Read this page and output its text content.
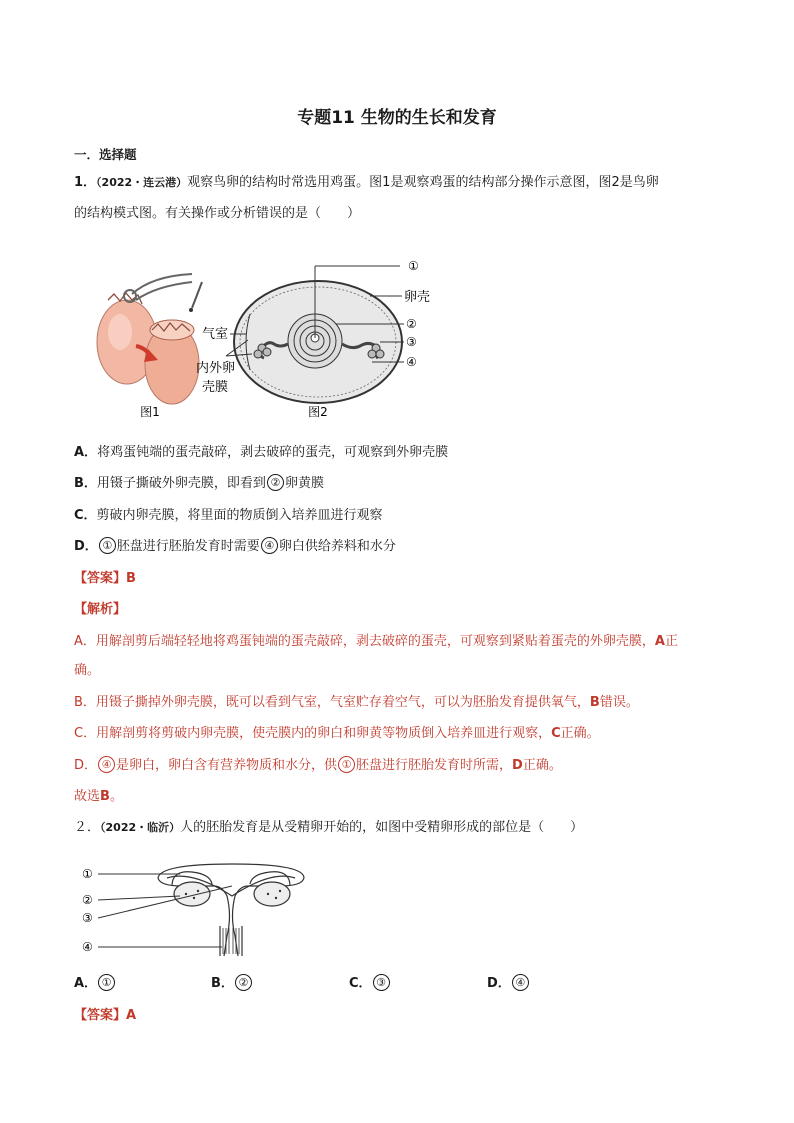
专题11 生物的生长和发育
一．选择题
1．（2022・连云港）观察鸟卵的结构时常选用鸡蛋。图1是观察鸡蛋的结构部分操作示意图，图2是鸟卵
的结构模式图。有关操作或分析错误的是（　　）
图1
①
卵壳
②
③
④
气室
内外卵
壳膜
图2
A．将鸡蛋钝端的蛋壳敲碎，剥去破碎的蛋壳，可观察到外卵壳膜
B．用镊子撕破外卵壳膜，即看到 ② 卵黄膜
C．剪破内卵壳膜，将里面的物质倒入培养皿进行观察
D． ① 胚盘进行胚胎发育时需要 ④ 卵白供给养料和水分
【答案】B
【解析】
A．用解剖剪后端轻轻地将鸡蛋钝端的蛋壳敲碎，剥去破碎的蛋壳，可观察到紧贴着蛋壳的外卵壳膜，A正
确。
B．用镊子撕掉外卵壳膜，既可以看到气室，气室贮存着空气，可以为胚胎发育提供氧气，B错误。
C．用解剖剪将剪破内卵壳膜，使壳膜内的卵白和卵黄等物质倒入培养皿进行观察，C正确。
D． ④ 是卵白，卵白含有营养物质和水分，供 ① 胚盘进行胚胎发育时所需，D正确。
故选B。
２．（2022・临沂）人的胚胎发育是从受精卵开始的，如图中受精卵形成的部位是（　　）
①
②
③
④
A． ①	B． ②	C． ③	D． ④
【答案】A
